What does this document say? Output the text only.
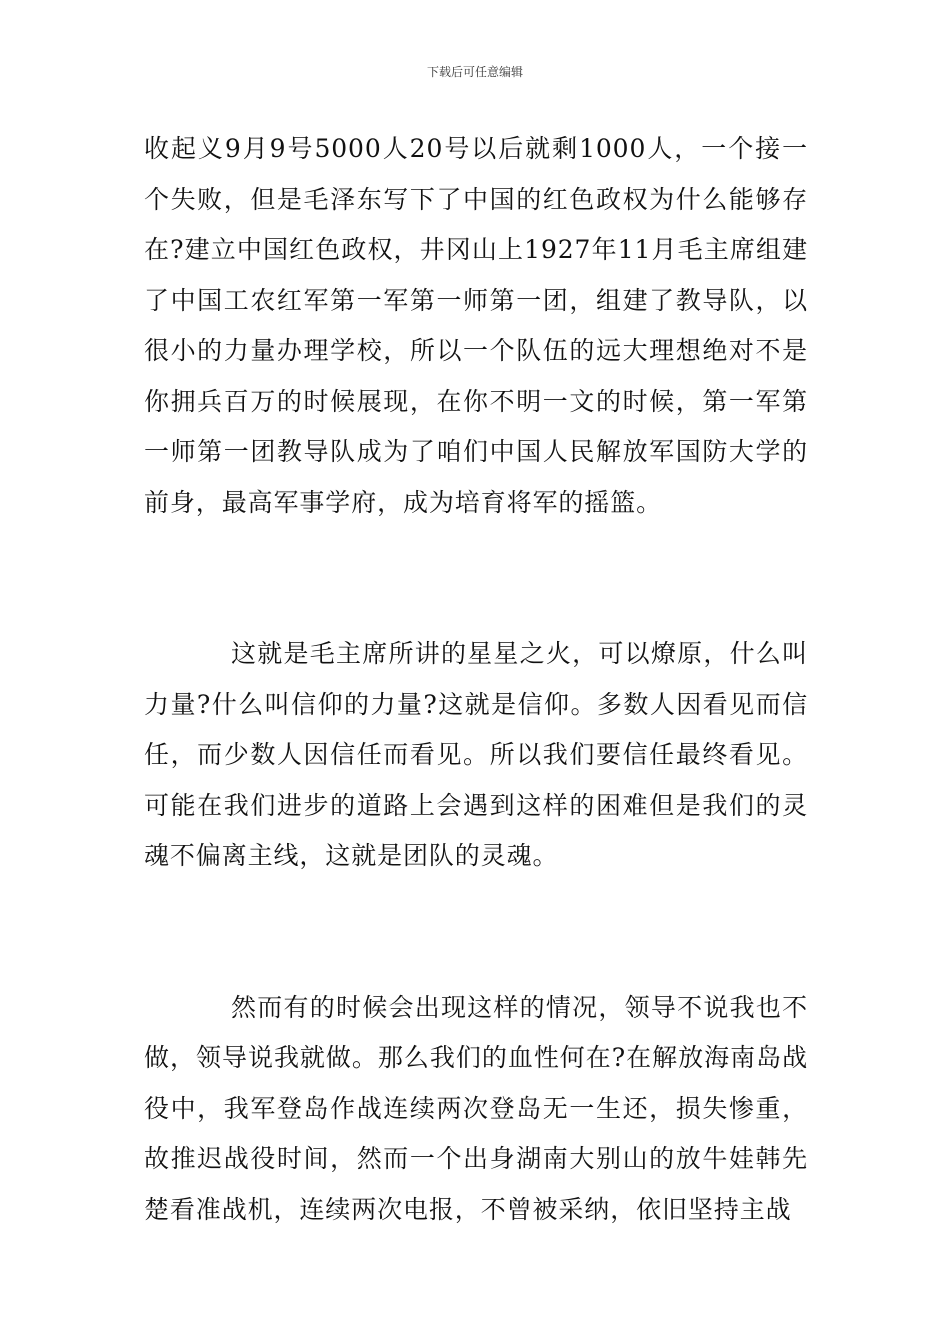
下载后可任意编辑

收起义9月9号5000人20号以后就剩1000人，一个接一个失败，但是毛泽东写下了中国的红色政权为什么能够存在?建立中国红色政权，井冈山上1927年11月毛主席组建了中国工农红军第一军第一师第一团，组建了教导队，以很小的力量办理学校，所以一个队伍的远大理想绝对不是你拥兵百万的时候展现，在你不明一文的时候，第一军第一师第一团教导队成为了咱们中国人民解放军国防大学的前身，最高军事学府，成为培育将军的摇篮。

这就是毛主席所讲的星星之火，可以燎原，什么叫力量?什么叫信仰的力量?这就是信仰。多数人因看见而信任，而少数人因信任而看见。所以我们要信任最终看见。可能在我们进步的道路上会遇到这样的困难但是我们的灵魂不偏离主线，这就是团队的灵魂。

然而有的时候会出现这样的情况，领导不说我也不做，领导说我就做。那么我们的血性何在?在解放海南岛战役中，我军登岛作战连续两次登岛无一生还，损失惨重，故推迟战役时间，然而一个出身湖南大别山的放牛娃韩先楚看准战机，连续两次电报，不曾被采纳，依旧坚持主战
